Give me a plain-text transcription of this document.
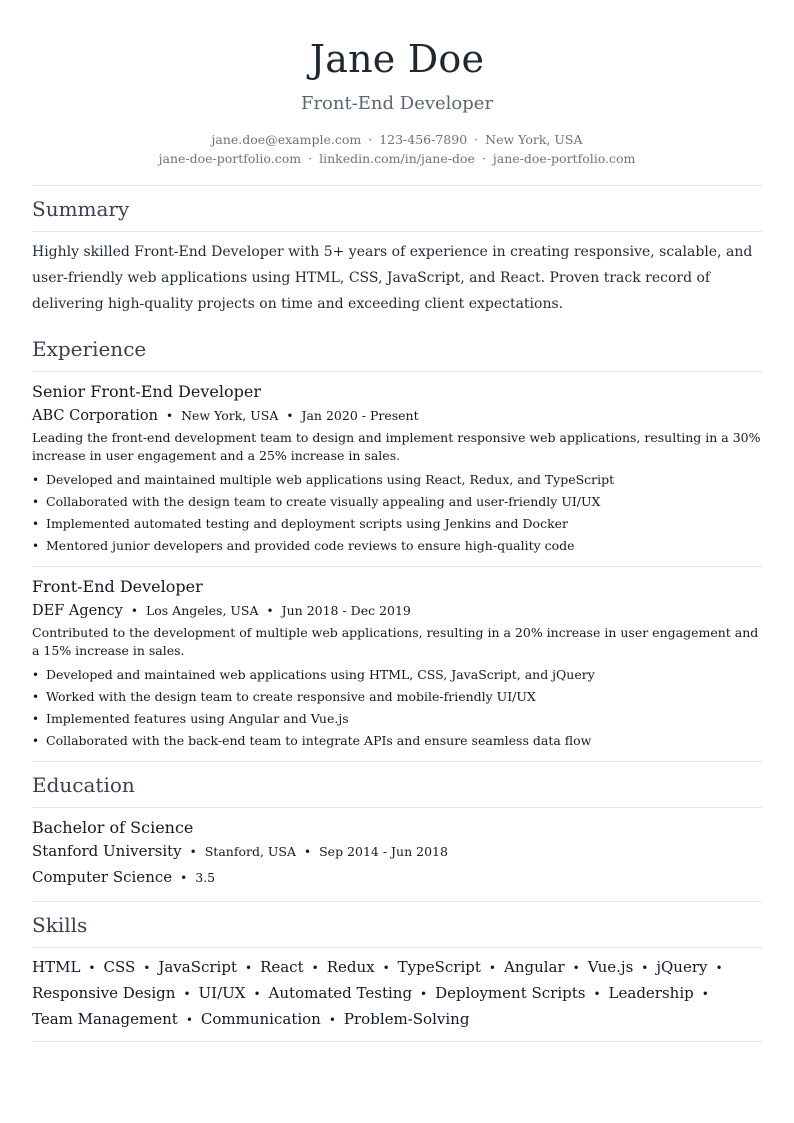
Jane Doe
Front-End Developer
jane.doe@example.com · 123-456-7890 · New York, USA
jane-doe-portfolio.com · linkedin.com/in/jane-doe · jane-doe-portfolio.com
Summary

Highly skilled Front-End Developer with 5+ years of experience in creating responsive, scalable, and user-friendly web applications using HTML, CSS, JavaScript, and React. Proven track record of delivering high-quality projects on time and exceeding client expectations.

Experience
Senior Front-End Developer
ABC Corporation • New York, USA • Jan 2020 - Present
Leading the front-end development team to design and implement responsive web applications, resulting in a 30% increase in user engagement and a 25% increase in sales.
• Developed and maintained multiple web applications using React, Redux, and TypeScript
• Collaborated with the design team to create visually appealing and user-friendly UI/UX
• Implemented automated testing and deployment scripts using Jenkins and Docker
• Mentored junior developers and provided code reviews to ensure high-quality code
Front-End Developer
DEF Agency • Los Angeles, USA • Jun 2018 - Dec 2019
Contributed to the development of multiple web applications, resulting in a 20% increase in user engagement and a 15% increase in sales.
• Developed and maintained web applications using HTML, CSS, JavaScript, and jQuery
• Worked with the design team to create responsive and mobile-friendly UI/UX
• Implemented features using Angular and Vue.js
• Collaborated with the back-end team to integrate APIs and ensure seamless data flow
Education
Bachelor of Science
Stanford University • Stanford, USA • Sep 2014 - Jun 2018
Computer Science • 3.5
Skills
HTML • CSS • JavaScript • React • Redux • TypeScript • Angular • Vue.js • jQuery •
Responsive Design • UI/UX • Automated Testing • Deployment Scripts • Leadership •
Team Management • Communication • Problem-Solving
